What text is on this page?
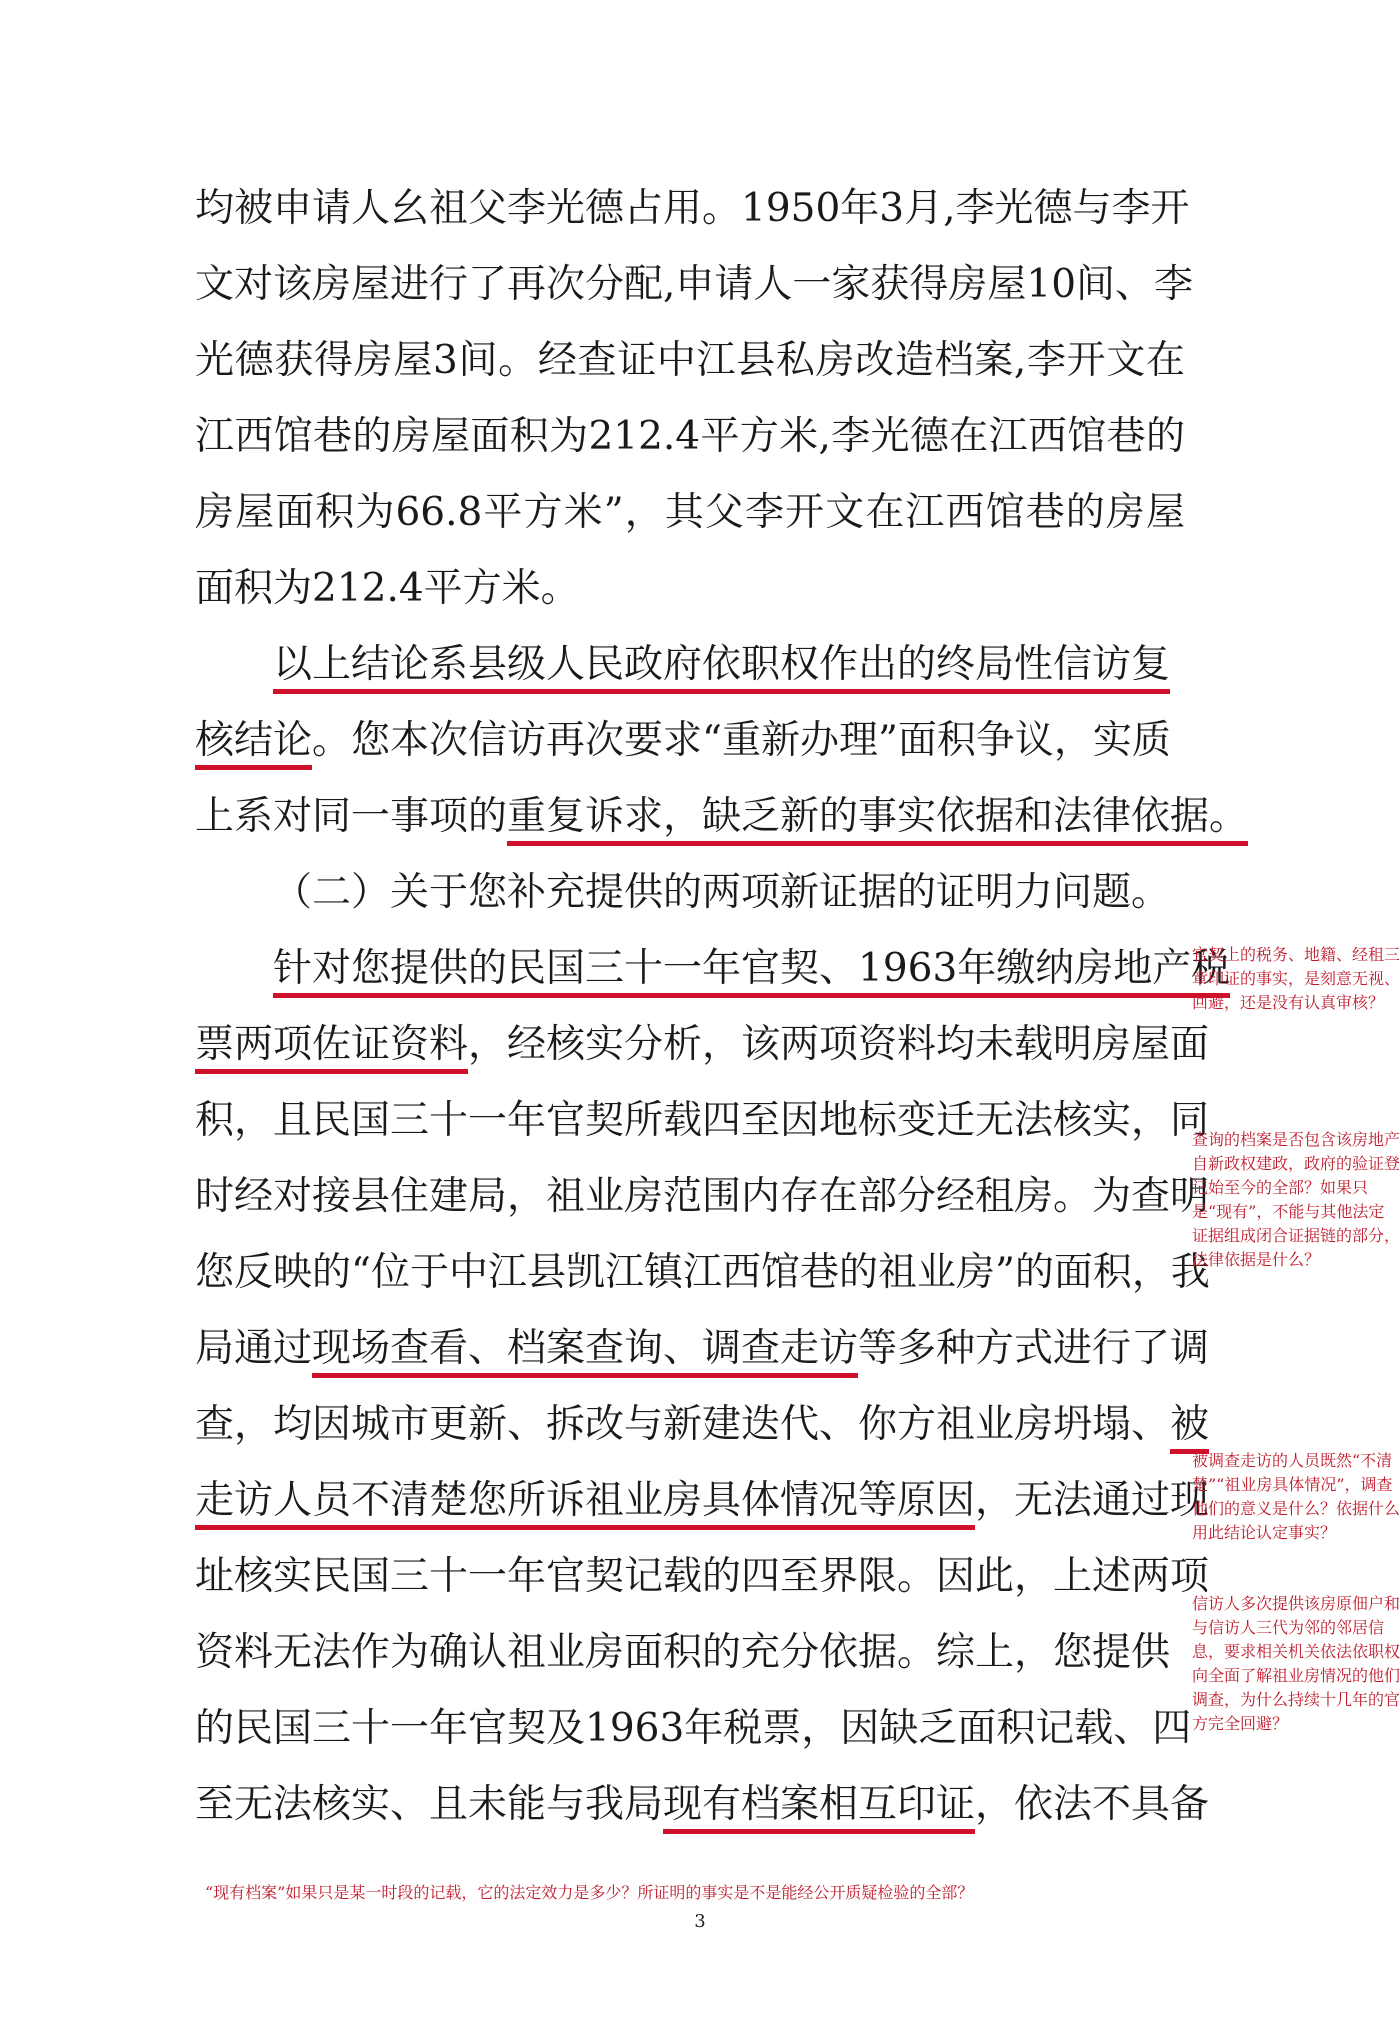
均被申请人幺祖父李光德占用。1950年3月,李光德与李开
文对该房屋进行了再次分配,申请人一家获得房屋10间、李
光德获得房屋3间。经查证中江县私房改造档案,李开文在
江西馆巷的房屋面积为212.4平方米,李光德在江西馆巷的
房屋面积为66.8平方米”，其父李开文在江西馆巷的房屋
面积为212.4平方米。
以上结论系县级人民政府依职权作出的终局性信访复
核结论。您本次信访再次要求“重新办理”面积争议，实质
上系对同一事项的重复诉求，缺乏新的事实依据和法律依据。
（二）关于您补充提供的两项新证据的证明力问题。
针对您提供的民国三十一年官契、1963年缴纳房地产税
票两项佐证资料，经核实分析，该两项资料均未载明房屋面
积，且民国三十一年官契所载四至因地标变迁无法核实，同
时经对接县住建局，祖业房范围内存在部分经租房。为查明
您反映的“位于中江县凯江镇江西馆巷的祖业房”的面积，我
局通过现场查看、档案查询、调查走访等多种方式进行了调
查，均因城市更新、拆改与新建迭代、你方祖业房坍塌、被
走访人员不清楚您所诉祖业房具体情况等原因，无法通过现
址核实民国三十一年官契记载的四至界限。因此，上述两项
资料无法作为确认祖业房面积的充分依据。综上，您提供
的民国三十一年官契及1963年税票，因缺乏面积记载、四
至无法核实、且未能与我局现有档案相互印证，依法不具备
官契上的税务、地籍、经租三章印证的事实，是刻意无视、回避，还是没有认真审核？
查询的档案是否包含该房地产自新政权建政，政府的验证登记始至今的全部？如果只是“现有”，不能与其他法定证据组成闭合证据链的部分，法律依据是什么？
被调查走访的人员既然“不清楚”“祖业房具体情况”，调查他们的意义是什么？依据什么用此结论认定事实？
信访人多次提供该房原佃户和与信访人三代为邻的邻居信息，要求相关机关依法依职权向全面了解祖业房情况的他们调查，为什么持续十几年的官方完全回避？
“现有档案”如果只是某一时段的记载，它的法定效力是多少？所证明的事实是不是能经公开质疑检验的全部？
3
